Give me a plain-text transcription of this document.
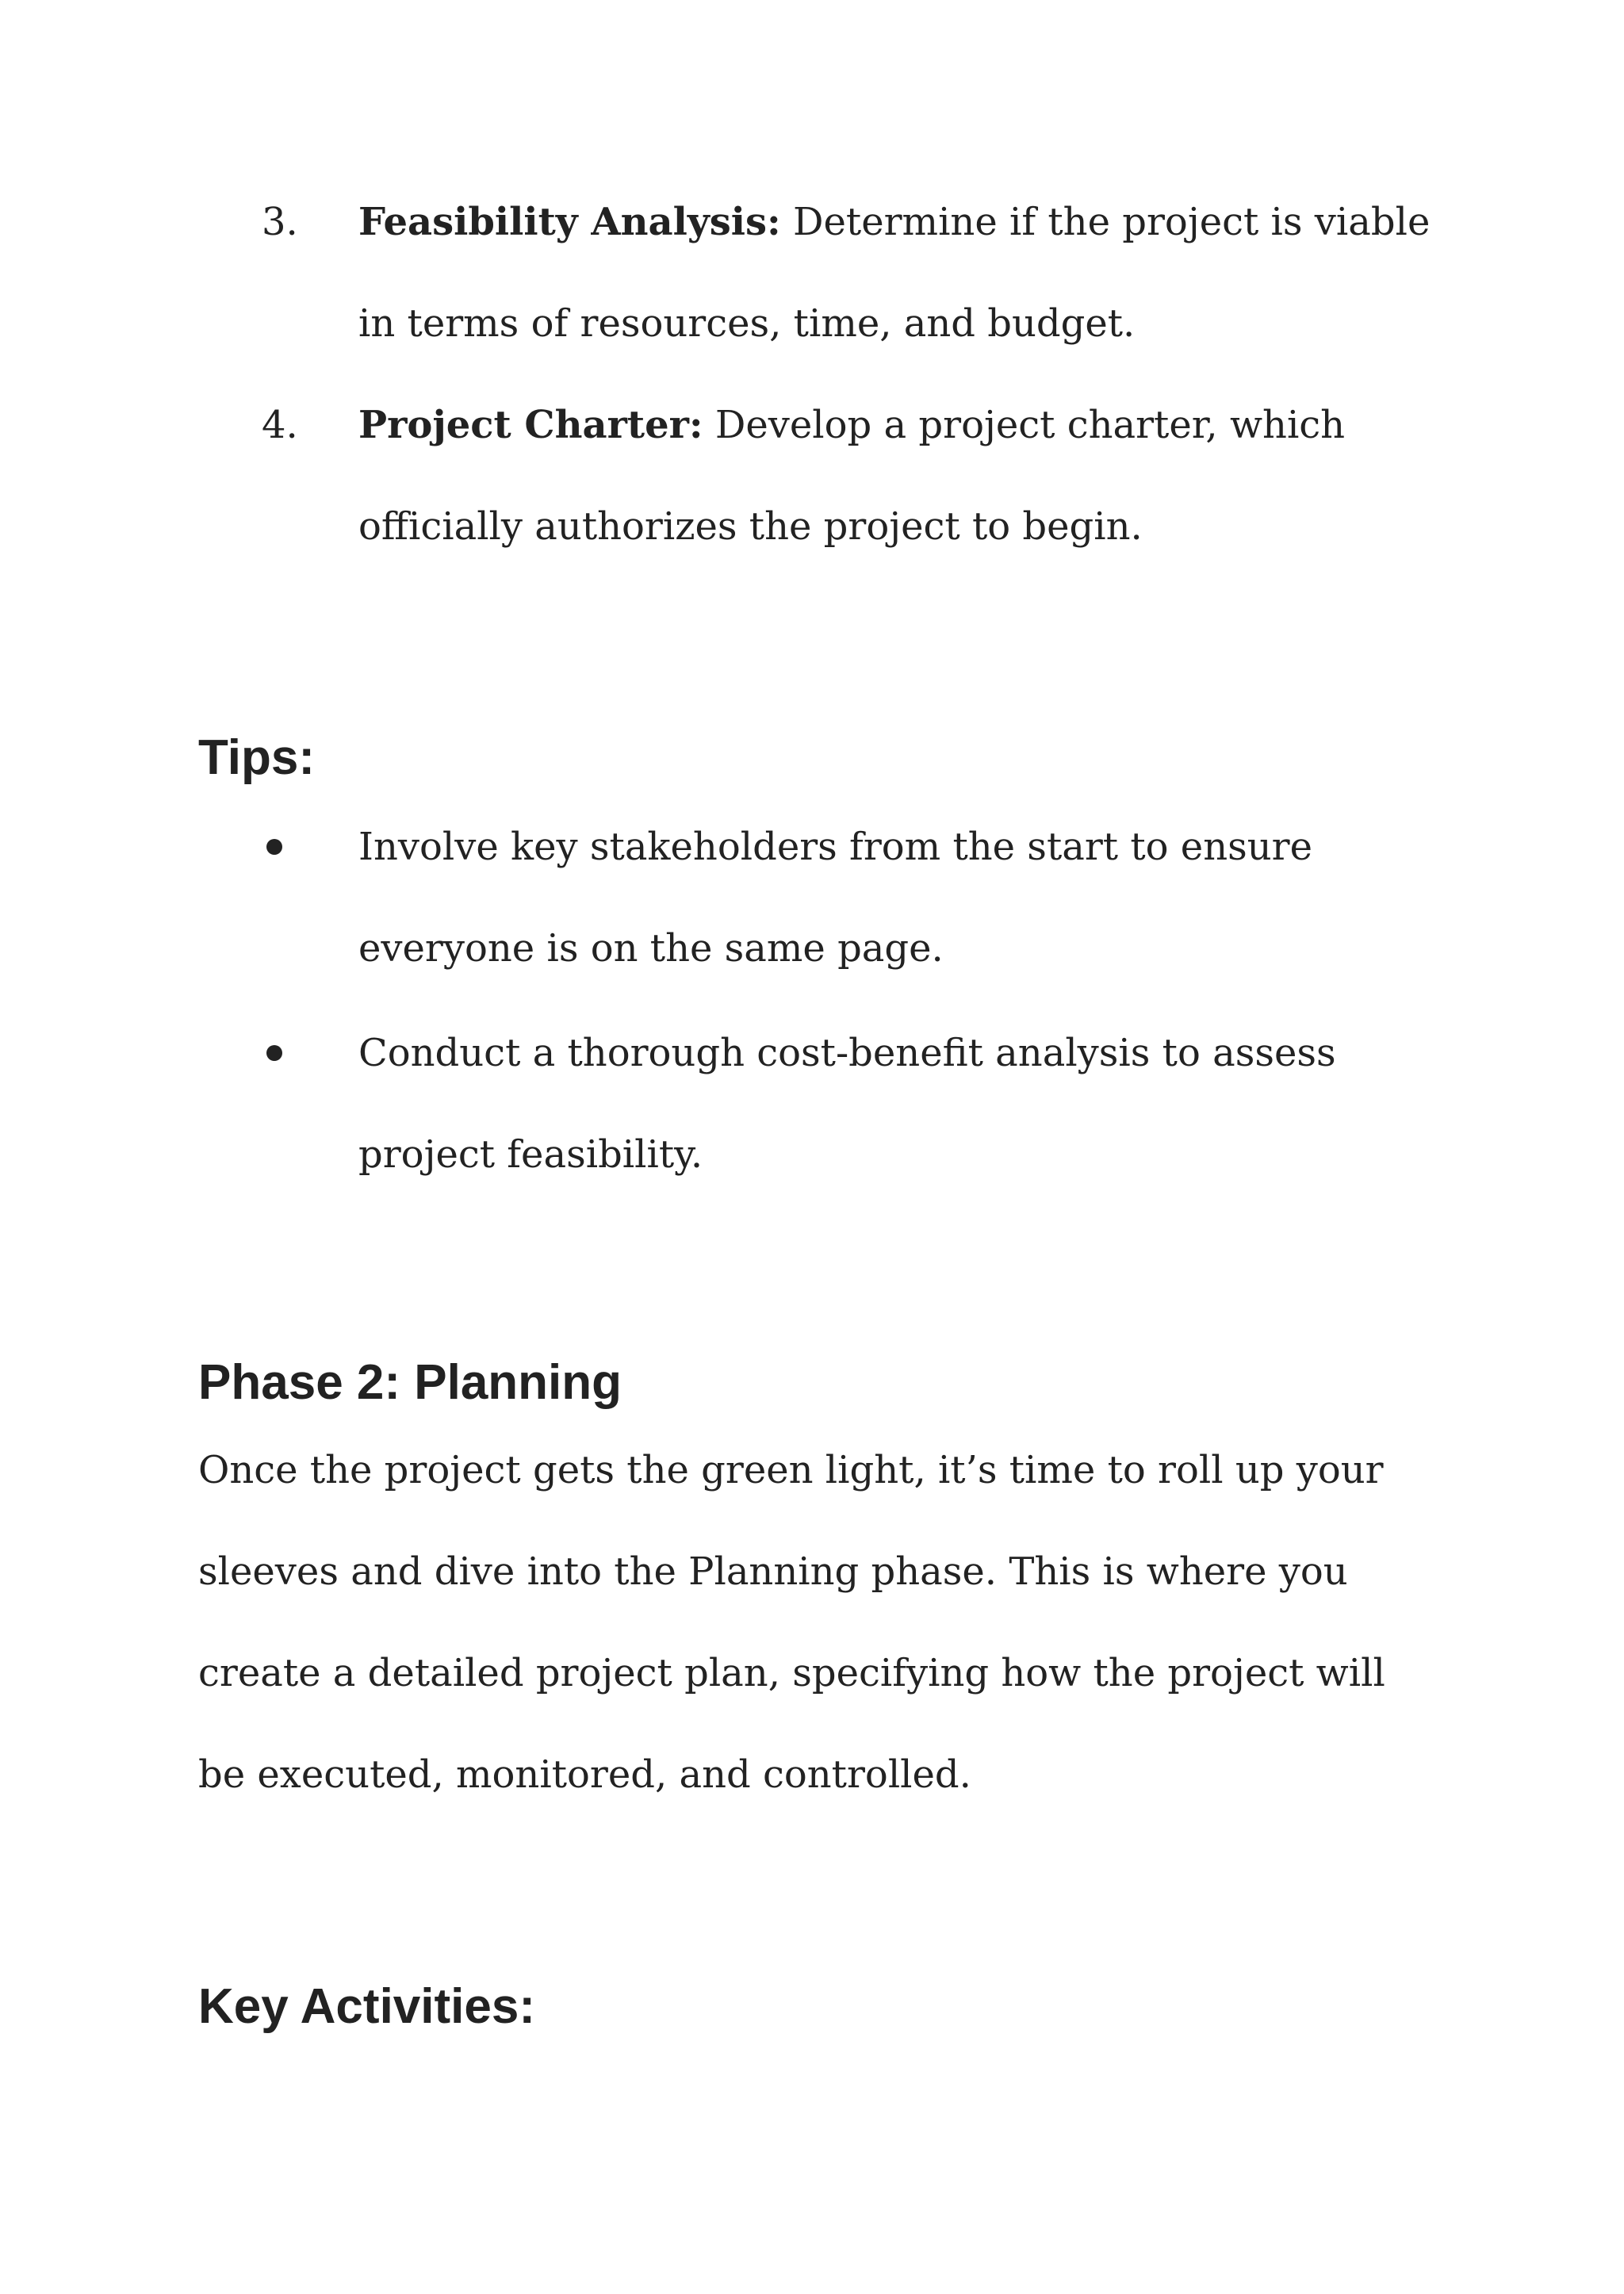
3. Feasibility Analysis: Determine if the project is viable in terms of resources, time, and budget.
4. Project Charter: Develop a project charter, which officially authorizes the project to begin.
Tips:
Involve key stakeholders from the start to ensure everyone is on the same page.
Conduct a thorough cost-benefit analysis to assess project feasibility.
Phase 2: Planning

Once the project gets the green light, it’s time to roll up your sleeves and dive into the Planning phase. This is where you create a detailed project plan, specifying how the project will be executed, monitored, and controlled.

Key Activities:
